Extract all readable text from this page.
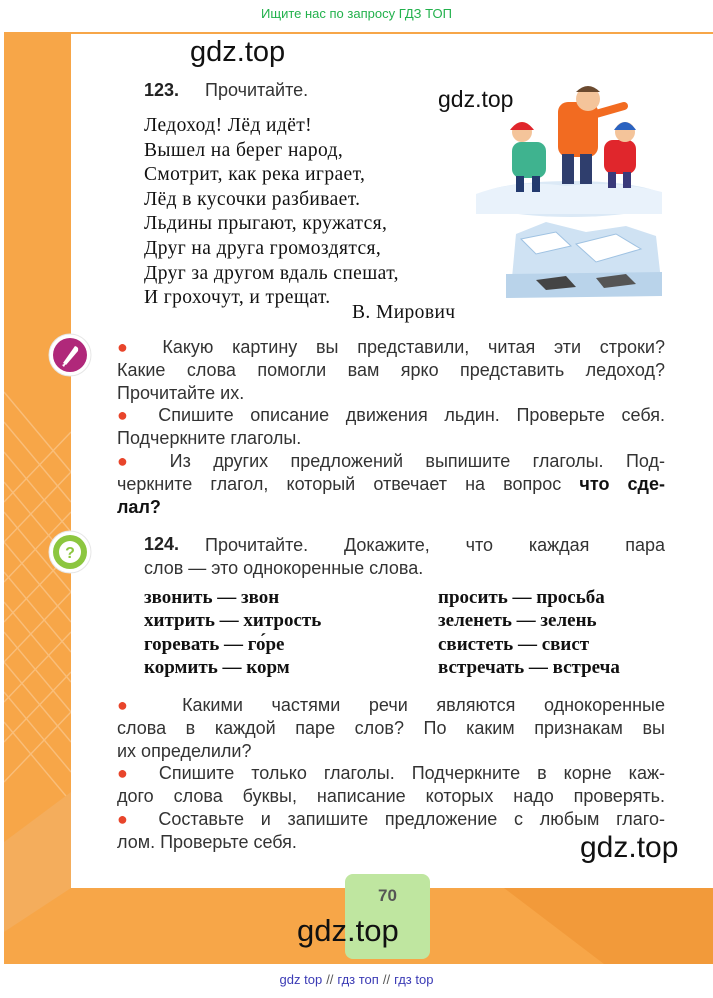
Ищите нас по запросу ГДЗ ТОП
gdz.top
gdz.top
123. Прочитайте.
Ледоход! Лёд идёт!
Вышел на берег народ,
Смотрит, как река играет,
Лёд в кусочки разбивает.
Льдины прыгают, кружатся,
Друг на друга громоздятся,
Друг за другом вдаль спешат,
И грохочут, и трещат.
В. Мирович
● Какую картину вы представили, читая эти строки?
Какие слова помогли вам ярко представить ледоход?
Прочитайте их.
● Спишите описание движения льдин. Проверьте себя.
Подчеркните глаголы.
● Из других предложений выпишите глаголы. Под-
черкните глагол, который отвечает на вопрос что сде-
лал?
?	124. Прочитайте. Докажите, что каждая пара
слов — это однокоренные слова.
звонить — звон
хитрить — хитрость
горевать — го́ре
кормить — корм
просить — просьба
зеленеть — зелень
свистеть — свист
встречать — встреча
● Какими частями речи являются однокоренные
слова в каждой паре слов? По каким признакам вы
их определили?
● Спишите только глаголы. Подчеркните в корне каж-
дого слова буквы, написание которых надо проверять.
● Составьте и запишите предложение с любым глаго-
лом. Проверьте себя.	gdz.top
70
gdz.top
gdz top // гдз топ // гдз top
